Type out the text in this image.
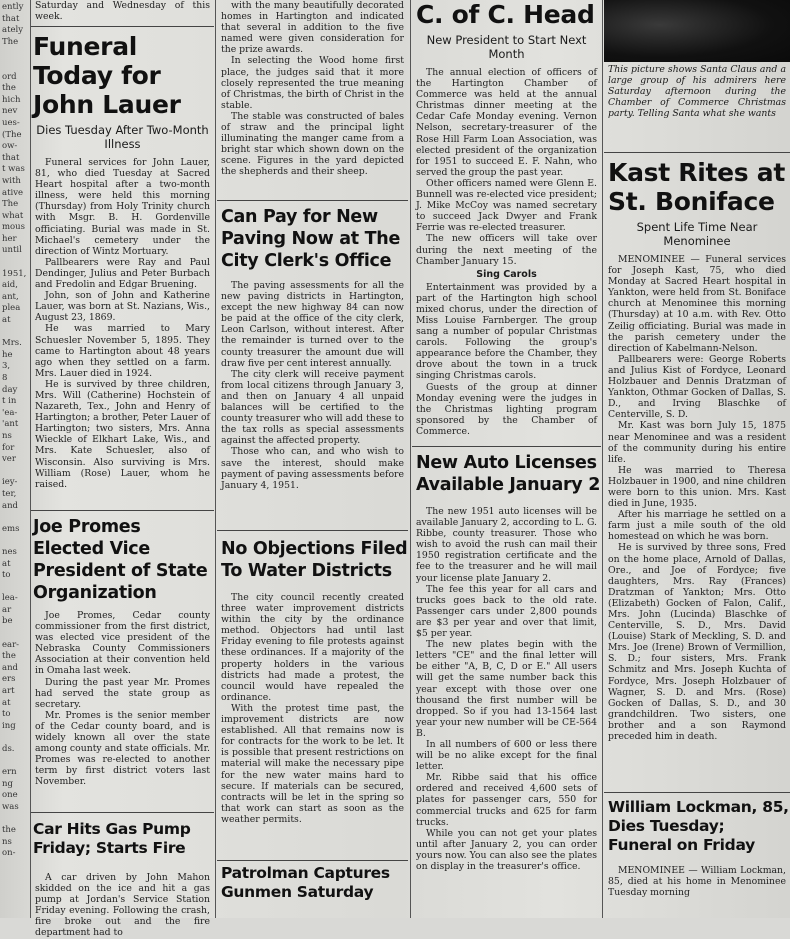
ently
that
ately
The

ord
the
hich
nev
ues-
(The
ow-
that
t was
with
ative
The
what
mous
her
until

1951,
aid,
ant,
plea
at

Mrs.
he
3,
8
day
t in
'ea-
'ant
ns
for
ver

iey-
ter,
and

ems

nes
at
to

lea-
ar
be

ear-
the
and
ers
art
at
to
ing

ds.

ern
ng
one
was

the
ns
on-
Saturday and Wednesday of this week.
Funeral Today for John Lauer
Dies Tuesday After Two-Month Illness

Funeral services for John Lauer, 81, who died Tuesday at Sacred Heart hospital after a two-month illness, were held this morning (Thursday) from Holy Trinity church with Msgr. B. H. Gordenville officiating. Burial was made in St. Michael's cemetery under the direction of Wintz Mortuary.

Pallbearers were Ray and Paul Dendinger, Julius and Peter Burbach and Fredolin and Edgar Bruening.

John, son of John and Katherine Lauer, was born at St. Nazians, Wis., August 23, 1869.

He was married to Mary Schuesler November 5, 1895. They came to Hartington about 48 years ago when they settled on a farm. Mrs. Lauer died in 1924.

He is survived by three children, Mrs. Will (Catherine) Hochstein of Nazareth, Tex., John and Henry of Hartington; a brother, Peter Lauer of Hartington; two sisters, Mrs. Anna Wieckle of Elkhart Lake, Wis., and Mrs. Kate Schuesler, also of Wisconsin. Also surviving is Mrs. William (Rose) Lauer, whom he raised.

Joe Promes Elected Vice President of State Organization

Joe Promes, Cedar county commissioner from the first district, was elected vice president of the Nebraska County Commissioners Association at their convention held in Omaha last week.

During the past year Mr. Promes had served the state group as secretary.

Mr. Promes is the senior member of the Cedar county board, and is widely known all over the state among county and state officials. Mr. Promes was re-elected to another term by first district voters last November.

Car Hits Gas Pump Friday; Starts Fire

A car driven by John Mahon skidded on the ice and hit a gas pump at Jordan's Service Station Friday evening. Following the crash, fire broke out and the fire department had to

with the many beautifully decorated homes in Hartington and indicated that several in addition to the five named were given consideration for the prize awards.

In selecting the Wood home first place, the judges said that it more closely represented the true meaning of Christmas, the birth of Christ in the stable.

The stable was constructed of bales of straw and the principal light illuminating the manger came from a bright star which shown down on the scene. Figures in the yard depicted the shepherds and their sheep.

Can Pay for New Paving Now at The City Clerk's Office

The paving assessments for all the new paving districts in Hartington, except the new highway 84 can now be paid at the office of the city clerk, Leon Carlson, without interest. After the remainder is turned over to the county treasurer the amount due will draw five per cent interest annually.

The city clerk will receive payment from local citizens through January 3, and then on January 4 all unpaid balances will be certified to the county treasurer who will add these to the tax rolls as special assessments against the affected property.

Those who can, and who wish to save the interest, should make payment of paving assessments before January 4, 1951.

No Objections Filed To Water Districts

The city council recently created three water improvement districts within the city by the ordinance method. Objectors had until last Friday evening to file protests against these ordinances. If a majority of the property holders in the various districts had made a protest, the council would have repealed the ordinance.

With the protest time past, the improvement districts are now established. All that remains now is for contracts for the work to be let. It is possible that present restrictions on material will make the necessary pipe for the new water mains hard to secure. If materials can be secured, contracts will be let in the spring so that work can start as soon as the weather permits.

Patrolman Captures Gunmen Saturday
C. of C. Head
New President to Start Next Month

The annual election of officers of the Hartington Chamber of Commerce was held at the annual Christmas dinner meeting at the Cedar Cafe Monday evening. Vernon Nelson, secretary-treasurer of the Rose Hill Farm Loan Association, was elected president of the organization for 1951 to succeed E. F. Nahn, who served the group the past year.

Other officers named were Glenn E. Bunnell was re-elected vice president; J. Mike McCoy was named secretary to succeed Jack Dwyer and Frank Ferrie was re-elected treasurer.

The new officers will take over during the next meeting of the Chamber January 15.

Sing Carols

Entertainment was provided by a part of the Hartington high school mixed chorus, under the direction of Miss Louise Farnberger. The group sang a number of popular Christmas carols. Following the group's appearance before the Chamber, they drove about the town in a truck singing Christmas carols.

Guests of the group at dinner Monday evening were the judges in the Christmas lighting program sponsored by the Chamber of Commerce.

New Auto Licenses Available January 2

The new 1951 auto licenses will be available January 2, according to L. G. Ribbe, county treasurer. Those who wish to avoid the rush can mail their 1950 registration certificate and the fee to the treasurer and he will mail your license plate January 2.

The fee this year for all cars and trucks goes back to the old rate. Passenger cars under 2,800 pounds are $3 per year and over that limit, $5 per year.

The new plates begin with the letters "CE" and the final letter will be either "A, B, C, D or E." All users will get the same number back this year except with those over one thousand the first number will be dropped. So if you had 13-1564 last year your new number will be CE-564 B.

In all numbers of 600 or less there will be no alike except for the final letter.

Mr. Ribbe said that his office ordered and received 4,600 sets of plates for passenger cars, 550 for commercial trucks and 625 for farm trucks.

While you can not get your plates until after January 2, you can order yours now. You can also see the plates on display in the treasurer's office.

This picture shows Santa Claus and a large group of his admirers here Saturday afternoon during the Chamber of Commerce Christmas party. Telling Santa what she wants
Kast Rites at St. Boniface
Spent Life Time Near Menominee

MENOMINEE — Funeral services for Joseph Kast, 75, who died Monday at Sacred Heart hospital in Yankton, were held from St. Boniface church at Menominee this morning (Thursday) at 10 a.m. with Rev. Otto Zeilig officiating. Burial was made in the parish cemetery under the direction of Kabelmann-Nelson.

Pallbearers were: George Roberts and Julius Kist of Fordyce, Leonard Holzbauer and Dennis Dratzman of Yankton, Othmar Gocken of Dallas, S. D., and Irving Blaschke of Centerville, S. D.

Mr. Kast was born July 15, 1875 near Menominee and was a resident of the community during his entire life.

He was married to Theresa Holzbauer in 1900, and nine children were born to this union. Mrs. Kast died in June, 1935.

After his marriage he settled on a farm just a mile south of the old homestead on which he was born.

He is survived by three sons, Fred on the home place, Arnold of Dallas, Ore., and Joe of Fordyce; five daughters, Mrs. Ray (Frances) Dratzman of Yankton; Mrs. Otto (Elizabeth) Gocken of Falon, Calif., Mrs. John (Lucinda) Blaschke of Centerville, S. D., Mrs. David (Louise) Stark of Meckling, S. D. and Mrs. Joe (Irene) Brown of Vermillion, S. D.; four sisters, Mrs. Frank Schmitz and Mrs. Joseph Kuchta of Fordyce, Mrs. Joseph Holzbauer of Wagner, S. D. and Mrs. (Rose) Gocken of Dallas, S. D., and 30 grandchildren. Two sisters, one brother and a son Raymond preceded him in death.

William Lockman, 85, Dies Tuesday; Funeral on Friday

MENOMINEE — William Lockman, 85, died at his home in Menominee Tuesday morning
